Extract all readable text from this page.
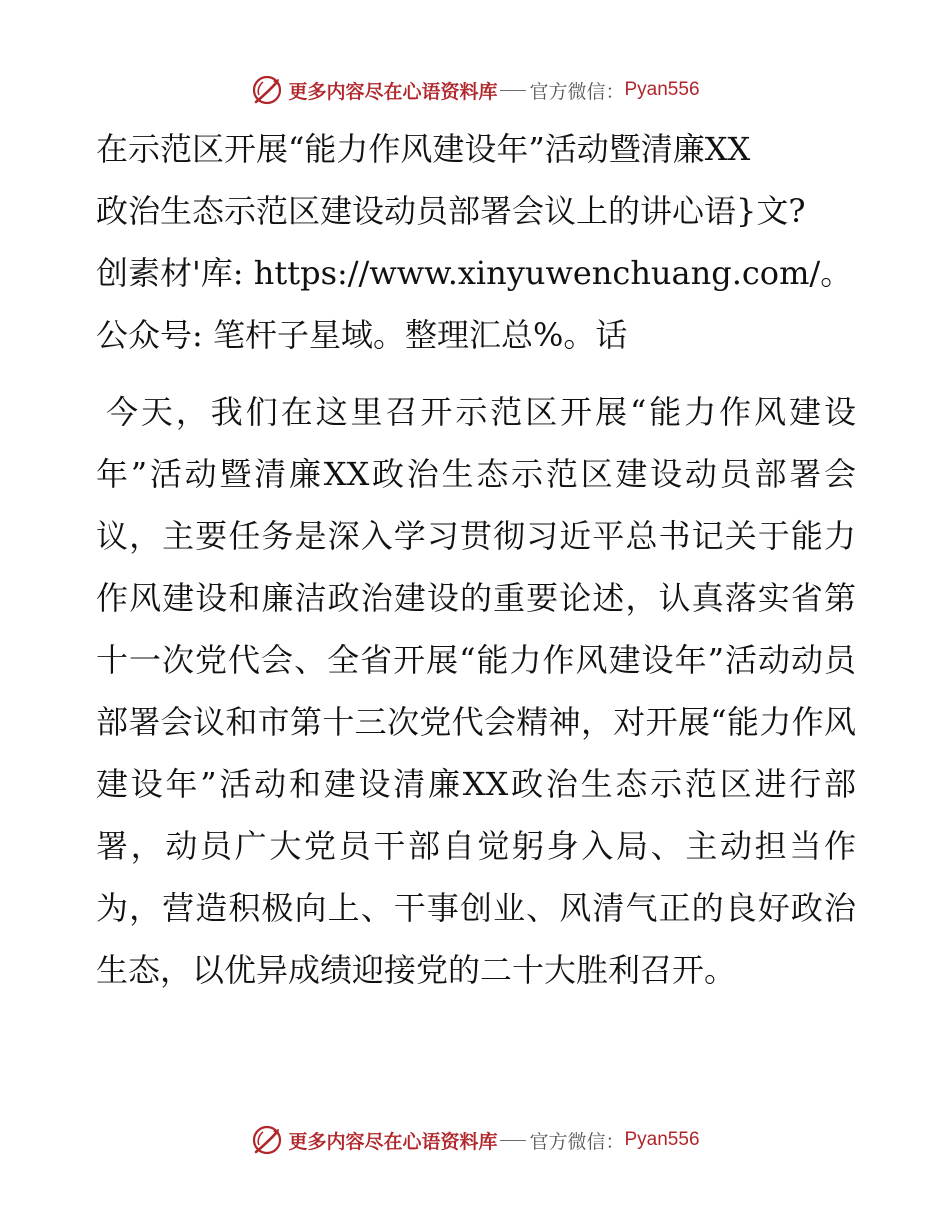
更多内容尽在心语资料库 官方微信： Pyan556

在示范区开展“能力作风建设年”活动暨清廉XX
政治生态示范区建设动员部署会议上的讲心语}文?
创素材'库: https://www.xinyuwenchuang.com/。
公众号: 笔杆子星域。整理汇总%。话

今天，我们在这里召开示范区开展“能力作风建设年”活动暨清廉XX政治生态示范区建设动员部署会议，主要任务是深入学习贯彻习近平总书记关于能力作风建设和廉洁政治建设的重要论述，认真落实省第十一次党代会、全省开展“能力作风建设年”活动动员部署会议和市第十三次党代会精神，对开展“能力作风建设年”活动和建设清廉XX政治生态示范区进行部署，动员广大党员干部自觉躬身入局、主动担当作为，营造积极向上、干事创业、风清气正的良好政治生态，以优异成绩迎接党的二十大胜利召开。

更多内容尽在心语资料库 官方微信： Pyan556
